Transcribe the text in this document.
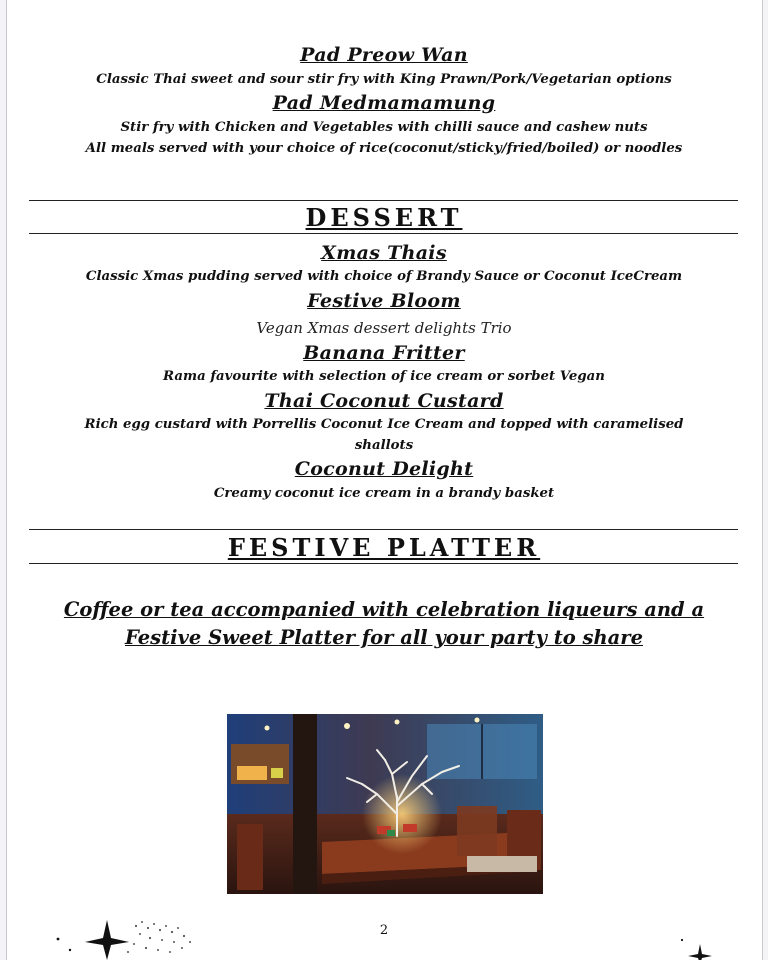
Pad Preow Wan
Classic Thai sweet and sour stir fry with King Prawn/Pork/Vegetarian options
Pad Medmamamung
Stir fry with Chicken and Vegetables with chilli sauce and cashew nuts
All meals served with your choice of rice(coconut/sticky/fried/boiled) or noodles
DESSERT
Xmas Thais
Classic Xmas pudding served with choice of Brandy Sauce or Coconut IceCream
Festive Bloom
Vegan Xmas dessert delights Trio
Banana Fritter
Rama favourite with selection of ice cream or sorbet Vegan
Thai Coconut Custard
Rich egg custard with Porrellis Coconut Ice Cream and topped with caramelised
shallots
Coconut Delight
Creamy coconut ice cream in a brandy basket
FESTIVE PLATTER
Coffee or tea accompanied with celebration liqueurs and a
Festive Sweet Platter for all your party to share
2
